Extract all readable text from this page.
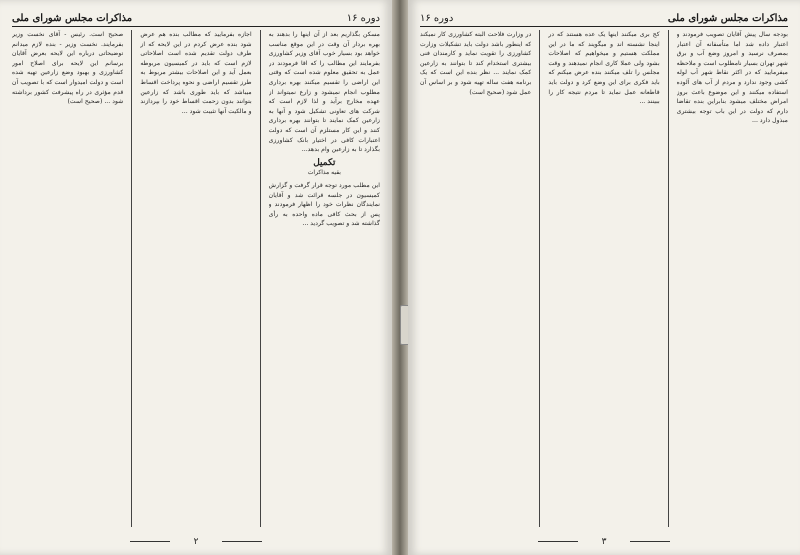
دوره ۱۶
مذاکرات مجلس شورای ملی

مسکن بگذاریم بعد از آن اینها را بدهند به بهره بردار آن وقت در این موقع مناسب خواهد بود بسیار خوب آقای وزیر کشاورزی بفرمایند این مطالب را که اقا فرمودند در عمل به تحقیق معلوم شده است که وقتی این اراضی را تقسیم میکنند بهره برداری مطلوب انجام نمیشود و زارع نمیتواند از عهده مخارج برآید و لذا لازم است که شرکت های تعاونی تشکیل شود و آنها به زارعین کمک نمایند تا بتوانند بهره برداری کنند و این کار مستلزم آن است که دولت اعتبارات کافی در اختیار بانک کشاورزی بگذارد تا به زارعین وام بدهد...

تکمیل
بقیه مذاکرات

این مطلب مورد توجه قرار گرفت و گزارش کمیسیون در جلسه قرائت شد و آقایان نمایندگان نظرات خود را اظهار فرمودند و پس از بحث کافی ماده واحده به رأی گذاشته شد و تصویب گردید ...

اجازه بفرمایید که مطالب بنده هم عرض شود بنده عرض کردم در این لایحه که از طرف دولت تقدیم شده است اصلاحاتی لازم است که باید در کمیسیون مربوطه بعمل آید و این اصلاحات بیشتر مربوط به طرز تقسیم اراضی و نحوه پرداخت اقساط میباشد که باید طوری باشد که زارعین بتوانند بدون زحمت اقساط خود را بپردازند و مالکیت آنها تثبیت شود ...

صحیح است. رئیس - آقای نخست وزیر بفرمایند. نخست وزیر - بنده لازم میدانم توضیحاتی درباره این لایحه بعرض آقایان برسانم این لایحه برای اصلاح امور کشاورزی و بهبود وضع زارعین تهیه شده است و دولت امیدوار است که با تصویب آن قدم مؤثری در راه پیشرفت کشور برداشته شود ... (صحیح است)

۲
مذاکرات مجلس شورای ملی
دوره ۱۶

بودجه سال پیش آقایان تصویب فرمودند و اعتبار داده شد اما متأسفانه آن اعتبار بمصرف نرسید و امروز وضع آب و برق شهر تهران بسیار نامطلوب است و ملاحظه میفرمایید که در اکثر نقاط شهر آب لوله کشی وجود ندارد و مردم از آب های آلوده استفاده میکنند و این موضوع باعث بروز امراض مختلف میشود بنابراین بنده تقاضا دارم که دولت در این باب توجه بیشتری مبذول دارد ...

کج بری میکنند اینها یک عده هستند که در اینجا نشسته اند و میگویند که ما در این مملکت هستیم و میخواهیم که اصلاحات بشود ولی عملا کاری انجام نمیدهند و وقت مجلس را تلف میکنند بنده عرض میکنم که باید فکری برای این وضع کرد و دولت باید قاطعانه عمل نماید تا مردم نتیجه کار را ببینند ...

در وزارت فلاحت البته کشاورزی کار نمیکند که اینطور باشد دولت باید تشکیلات وزارت کشاورزی را تقویت نماید و کارمندان فنی بیشتری استخدام کند تا بتوانند به زارعین کمک نمایند ... نظر بنده این است که یک برنامه هفت ساله تهیه شود و بر اساس آن عمل شود (صحیح است)

۳
